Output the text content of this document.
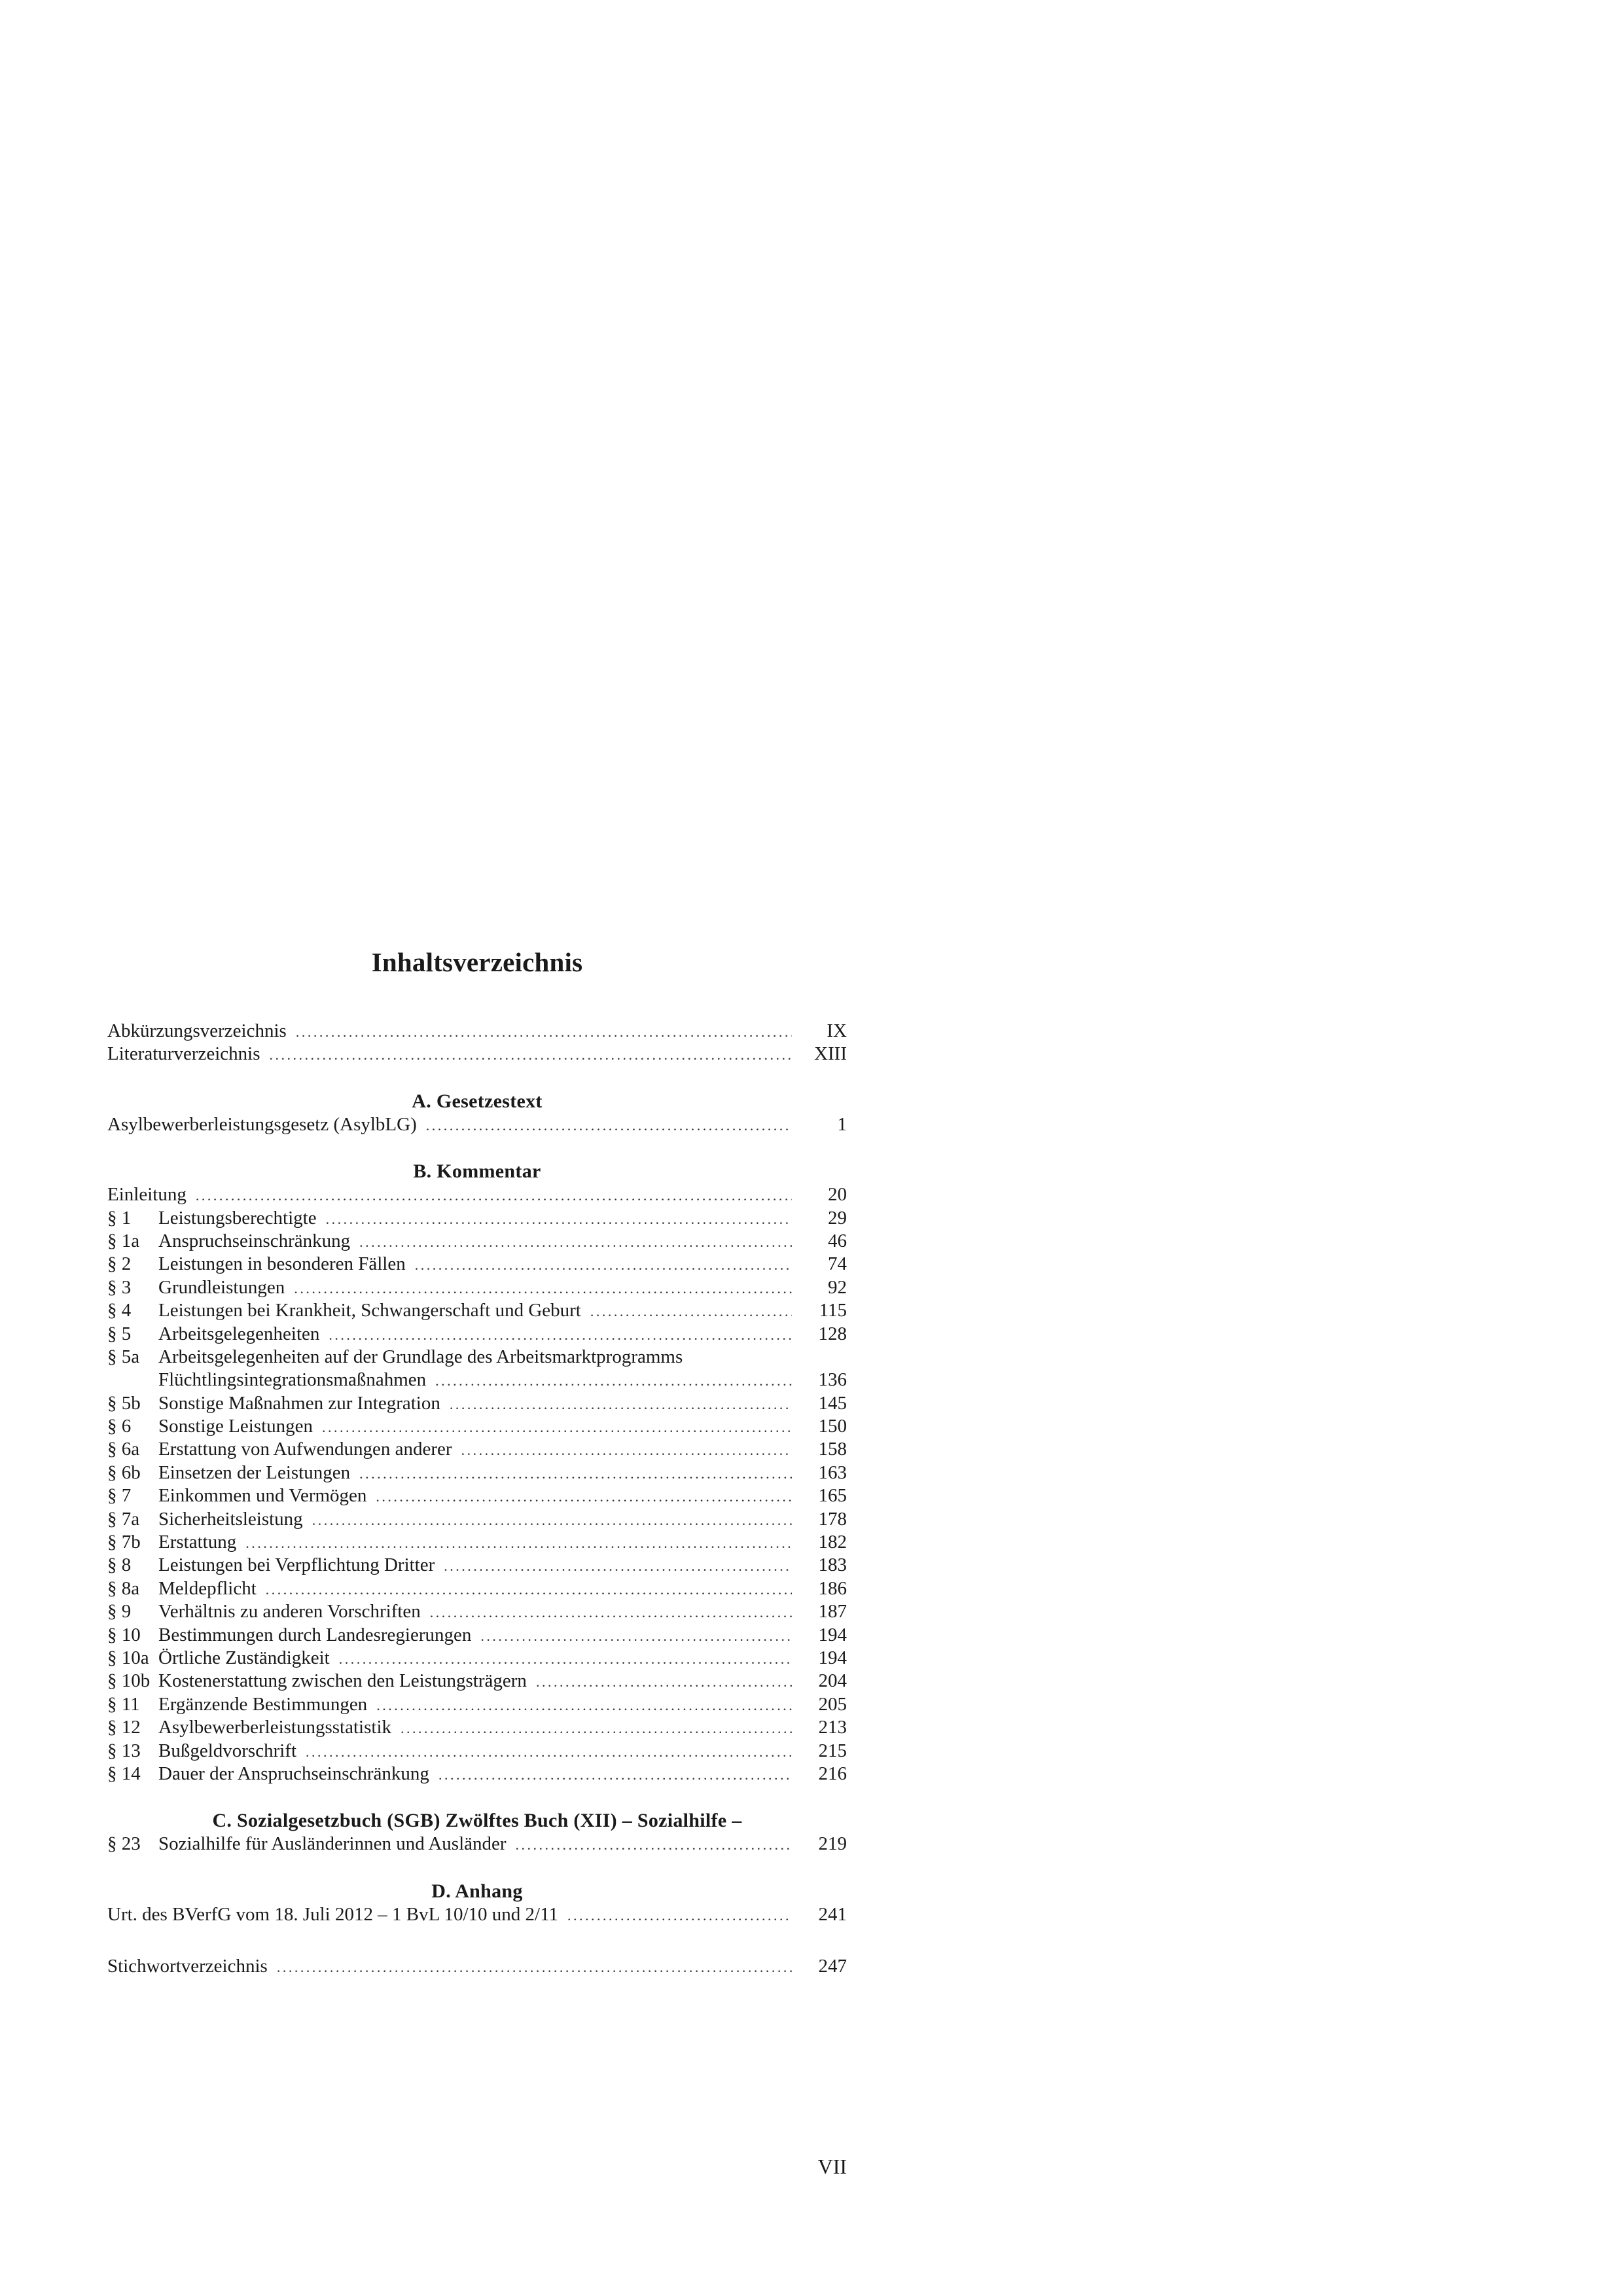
Inhaltsverzeichnis
Abkürzungsverzeichnis . . .	IX
Literaturverzeichnis . . .	XIII
A. Gesetzestext
Asylbewerberleistungsgesetz (AsylbLG) . . .	1
B. Kommentar
Einleitung . . .	20
§ 1	Leistungsberechtigte . . .	29
§ 1a Anspruchseinschränkung . . .	46
§ 2	Leistungen in besonderen Fällen . . .	74
§ 3	Grundleistungen . . .	92
§ 4	Leistungen bei Krankheit, Schwangerschaft und Geburt . . .	115
§ 5	Arbeitsgelegenheiten . . .	128
§ 5a Arbeitsgelegenheiten auf der Grundlage des Arbeitsmarktprogramms
Flüchtlingsintegrationsmaßnahmen . . .	136
§ 5b Sonstige Maßnahmen zur Integration . . .	145
§ 6	Sonstige Leistungen . . .	150
§ 6a Erstattung von Aufwendungen anderer . . .	158
§ 6b Einsetzen der Leistungen . . .	163
§ 7	Einkommen und Vermögen . . .	165
§ 7a Sicherheitsleistung . . .	178
§ 7b Erstattung . . .	182
§ 8	Leistungen bei Verpflichtung Dritter . . .	183
§ 8a Meldepflicht . . .	186
§ 9	Verhältnis zu anderen Vorschriften . . .	187
§ 10 Bestimmungen durch Landesregierungen . . .	194
§ 10a Örtliche Zuständigkeit . . .	194
§ 10b Kostenerstattung zwischen den Leistungsträgern . . .	204
§ 11 Ergänzende Bestimmungen . . .	205
§ 12 Asylbewerberleistungsstatistik . . .	213
§ 13 Bußgeldvorschrift . . .	215
§ 14 Dauer der Anspruchseinschränkung . . .	216
C. Sozialgesetzbuch (SGB) Zwölftes Buch (XII) – Sozialhilfe –
§ 23 Sozialhilfe für Ausländerinnen und Ausländer . . .	219
D. Anhang
Urt. des BVerfG vom 18. Juli 2012 – 1 BvL 10/10 und 2/11 . . .	241
Stichwortverzeichnis . . .	247
VII
